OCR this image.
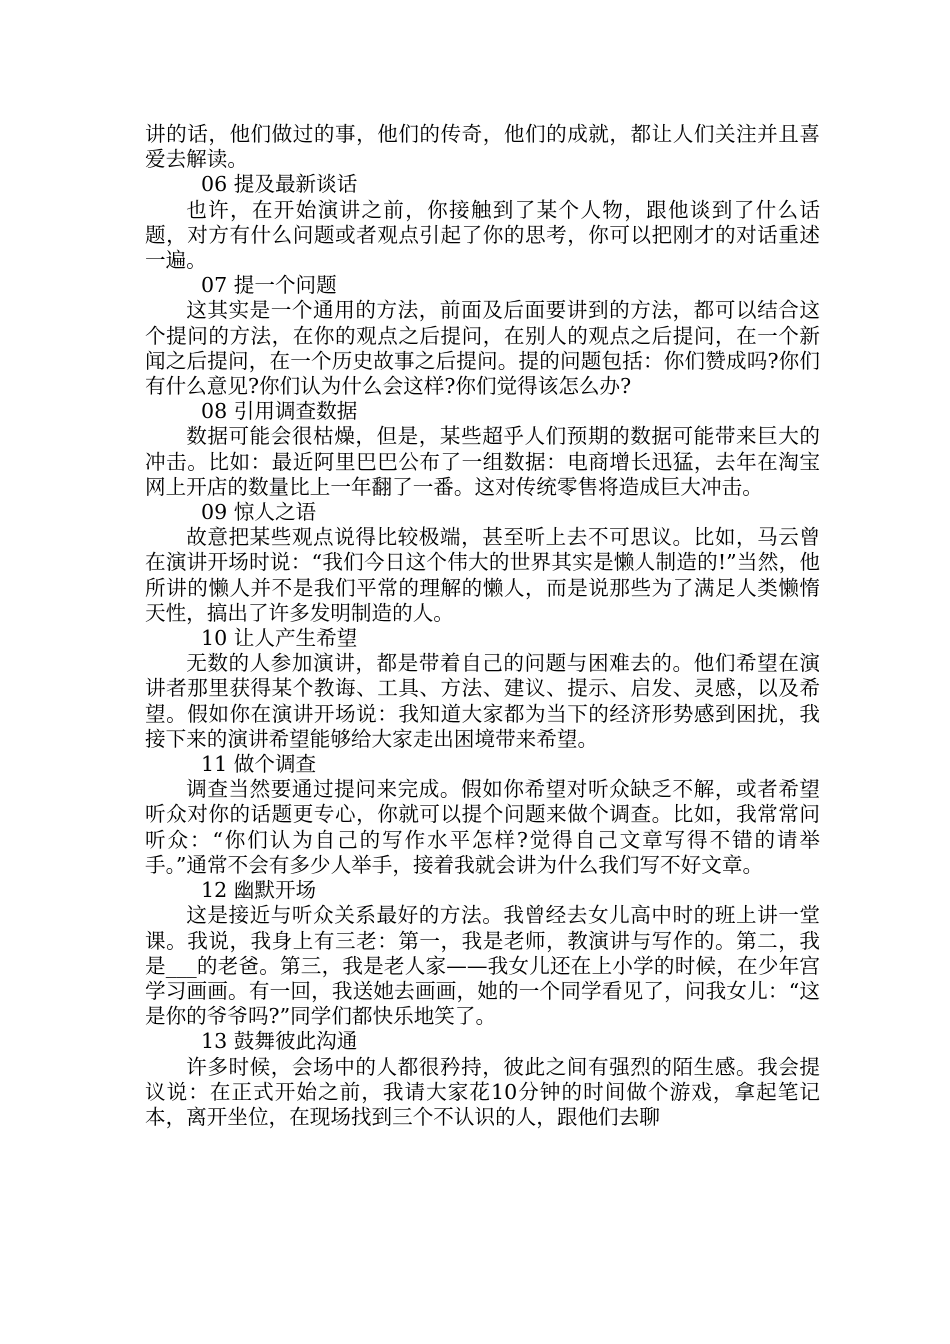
讲的话，他们做过的事，他们的传奇，他们的成就，都让人们关注并且喜爱去解读。

06 提及最新谈话

也许，在开始演讲之前，你接触到了某个人物，跟他谈到了什么话题，对方有什么问题或者观点引起了你的思考，你可以把刚才的对话重述一遍。

07 提一个问题

这其实是一个通用的方法，前面及后面要讲到的方法，都可以结合这个提问的方法，在你的观点之后提问，在别人的观点之后提问，在一个新闻之后提问，在一个历史故事之后提问。提的问题包括：你们赞成吗?你们有什么意见?你们认为什么会这样?你们觉得该怎么办?

08 引用调查数据

数据可能会很枯燥，但是，某些超乎人们预期的数据可能带来巨大的冲击。比如：最近阿里巴巴公布了一组数据：电商增长迅猛，去年在淘宝网上开店的数量比上一年翻了一番。这对传统零售将造成巨大冲击。

09 惊人之语

故意把某些观点说得比较极端，甚至听上去不可思议。比如，马云曾在演讲开场时说：“我们今日这个伟大的世界其实是懒人制造的!”当然，他所讲的懒人并不是我们平常的理解的懒人，而是说那些为了满足人类懒惰天性，搞出了许多发明制造的人。

10 让人产生希望

无数的人参加演讲，都是带着自己的问题与困难去的。他们希望在演讲者那里获得某个教诲、工具、方法、建议、提示、启发、灵感，以及希望。假如你在演讲开场说：我知道大家都为当下的经济形势感到困扰，我接下来的演讲希望能够给大家走出困境带来希望。

11 做个调查

调查当然要通过提问来完成。假如你希望对听众缺乏不解，或者希望听众对你的话题更专心，你就可以提个问题来做个调查。比如，我常常问听众：“你们认为自己的写作水平怎样?觉得自己文章写得不错的请举手。”通常不会有多少人举手，接着我就会讲为什么我们写不好文章。

12 幽默开场

这是接近与听众关系最好的方法。我曾经去女儿高中时的班上讲一堂课。我说，我身上有三老：第一，我是老师，教演讲与写作的。第二，我是___的老爸。第三，我是老人家——我女儿还在上小学的时候，在少年宫学习画画。有一回，我送她去画画，她的一个同学看见了，问我女儿：“这是你的爷爷吗?”同学们都快乐地笑了。

13 鼓舞彼此沟通

许多时候，会场中的人都很矜持，彼此之间有强烈的陌生感。我会提议说：在正式开始之前，我请大家花10分钟的时间做个游戏，拿起笔记本，离开坐位，在现场找到三个不认识的人，跟他们去聊
